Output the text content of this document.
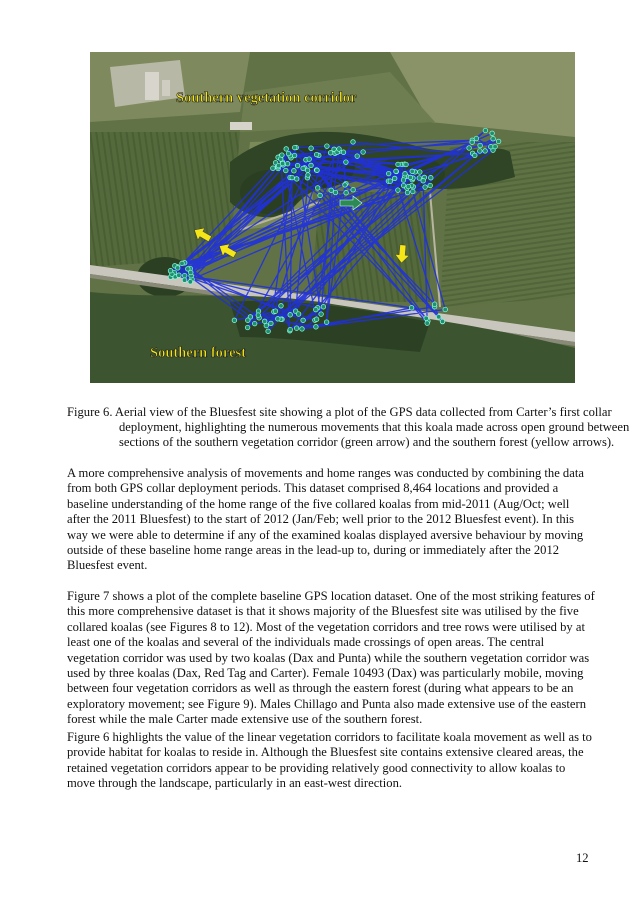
Southern vegetation corridor
Southern forest

Figure 6. Aerial view of the Bluesfest site showing a plot of the GPS data collected from Carter’s first collar deployment, highlighting the numerous movements that this koala made across open ground between sections of the southern vegetation corridor (green arrow) and the southern forest (yellow arrows).

A more comprehensive analysis of movements and home ranges was conducted by combining the data from both GPS collar deployment periods. This dataset comprised 8,464 locations and provided a baseline understanding of the home range of the five collared koalas from mid-2011 (Aug/Oct; well after the 2011 Bluesfest) to the start of 2012 (Jan/Feb; well prior to the 2012 Bluesfest event). In this way we were able to determine if any of the examined koalas displayed aversive behaviour by moving outside of these baseline home range areas in the lead-up to, during or immediately after the 2012 Bluesfest event.

Figure 7 shows a plot of the complete baseline GPS location dataset. One of the most striking features of this more comprehensive dataset is that it shows majority of the Bluesfest site was utilised by the five collared koalas (see Figures 8 to 12). Most of the vegetation corridors and tree rows were utilised by at least one of the koalas and several of the individuals made crossings of open areas. The central vegetation corridor was used by two koalas (Dax and Punta) while the southern vegetation corridor was used by three koalas (Dax, Red Tag and Carter). Female 10493 (Dax) was particularly mobile, moving between four vegetation corridors as well as through the eastern forest (during what appears to be an exploratory movement; see Figure 9). Males Chillago and Punta also made extensive use of the eastern forest while the male Carter made extensive use of the southern forest.

Figure 6 highlights the value of the linear vegetation corridors to facilitate koala movement as well as to provide habitat for koalas to reside in. Although the Bluesfest site contains extensive cleared areas, the retained vegetation corridors appear to be providing relatively good connectivity to allow koalas to move through the landscape, particularly in an east-west direction.

12
